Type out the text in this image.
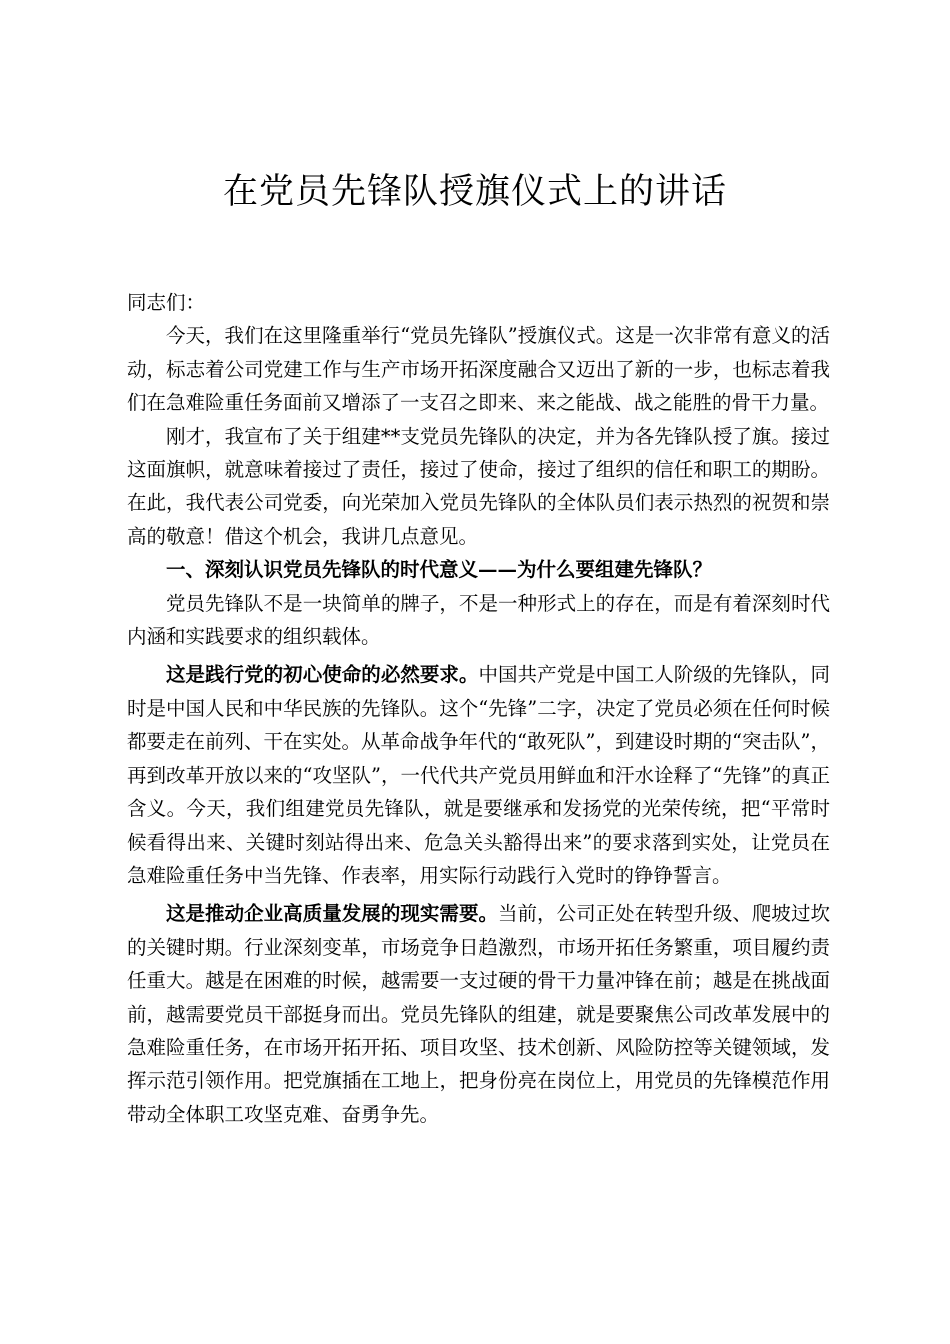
在党员先锋队授旗仪式上的讲话

同志们：

今天，我们在这里隆重举行“党员先锋队”授旗仪式。这是一次非常有意义的活动，标志着公司党建工作与生产市场开拓深度融合又迈出了新的一步，也标志着我们在急难险重任务面前又增添了一支召之即来、来之能战、战之能胜的骨干力量。

刚才，我宣布了关于组建**支党员先锋队的决定，并为各先锋队授了旗。接过这面旗帜，就意味着接过了责任，接过了使命，接过了组织的信任和职工的期盼。在此，我代表公司党委，向光荣加入党员先锋队的全体队员们表示热烈的祝贺和崇高的敬意！借这个机会，我讲几点意见。

一、深刻认识党员先锋队的时代意义——为什么要组建先锋队？

党员先锋队不是一块简单的牌子，不是一种形式上的存在，而是有着深刻时代内涵和实践要求的组织载体。

这是践行党的初心使命的必然要求。中国共产党是中国工人阶级的先锋队，同时是中国人民和中华民族的先锋队。这个“先锋”二字，决定了党员必须在任何时候都要走在前列、干在实处。从革命战争年代的“敢死队”，到建设时期的“突击队”，再到改革开放以来的“攻坚队”，一代代共产党员用鲜血和汗水诠释了“先锋”的真正含义。今天，我们组建党员先锋队，就是要继承和发扬党的光荣传统，把“平常时候看得出来、关键时刻站得出来、危急关头豁得出来”的要求落到实处，让党员在急难险重任务中当先锋、作表率，用实际行动践行入党时的铮铮誓言。

这是推动企业高质量发展的现实需要。当前，公司正处在转型升级、爬坡过坎的关键时期。行业深刻变革，市场竞争日趋激烈，市场开拓任务繁重，项目履约责任重大。越是在困难的时候，越需要一支过硬的骨干力量冲锋在前；越是在挑战面前，越需要党员干部挺身而出。党员先锋队的组建，就是要聚焦公司改革发展中的急难险重任务，在市场开拓开拓、项目攻坚、技术创新、风险防控等关键领域，发挥示范引领作用。把党旗插在工地上，把身份亮在岗位上，用党员的先锋模范作用带动全体职工攻坚克难、奋勇争先。
